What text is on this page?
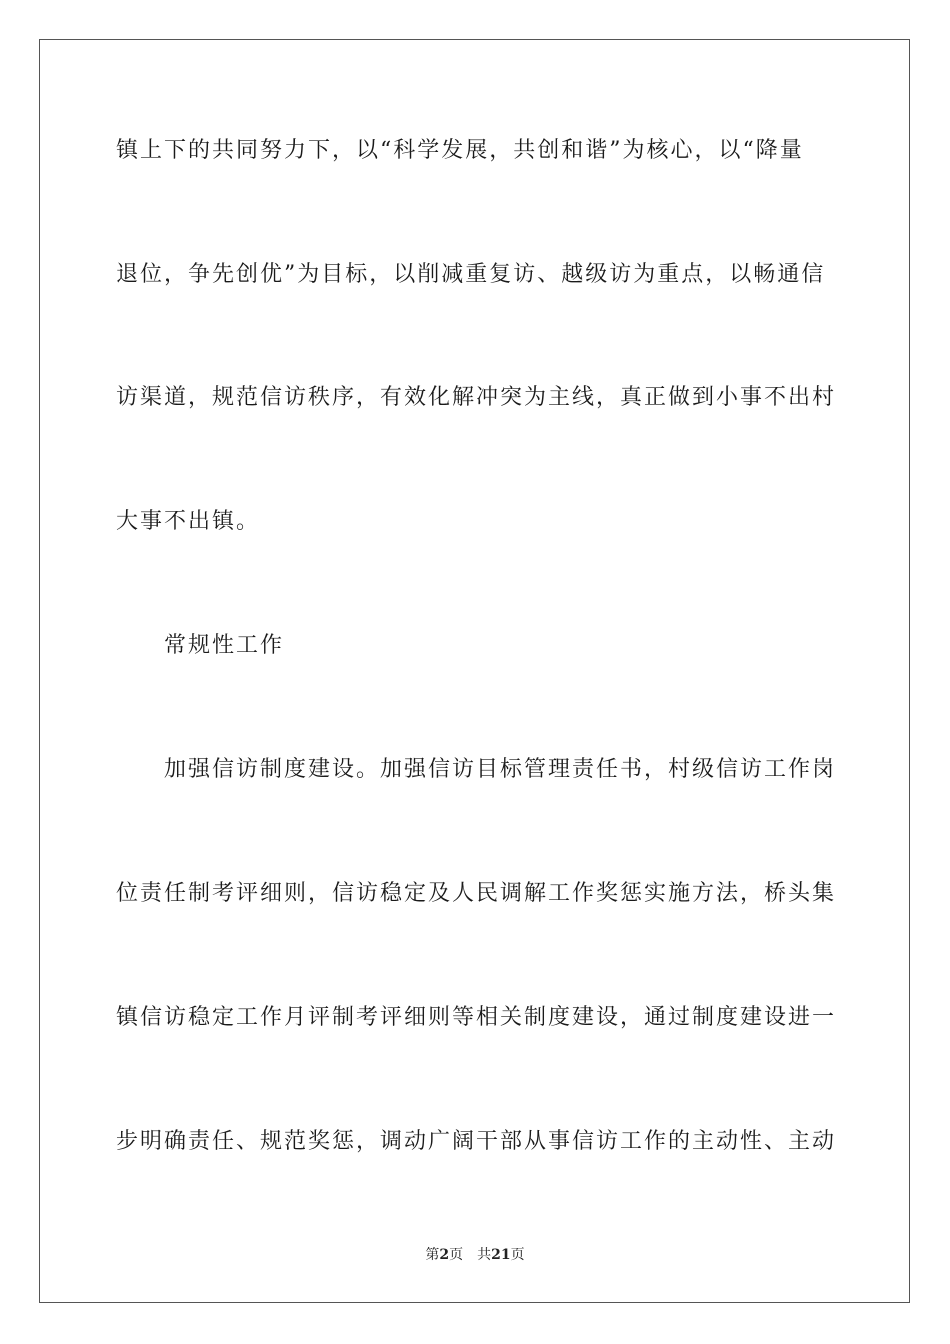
镇上下的共同努力下，以“科学发展，共创和谐”为核心，以“降量
退位，争先创优”为目标，以削减重复访、越级访为重点，以畅通信
访渠道，规范信访秩序，有效化解冲突为主线，真正做到小事不出村
大事不出镇。
常规性工作
加强信访制度建设。加强信访目标管理责任书，村级信访工作岗
位责任制考评细则，信访稳定及人民调解工作奖惩实施方法，桥头集
镇信访稳定工作月评制考评细则等相关制度建设，通过制度建设进一
步明确责任、规范奖惩，调动广阔干部从事信访工作的主动性、主动
第2页 共21页
